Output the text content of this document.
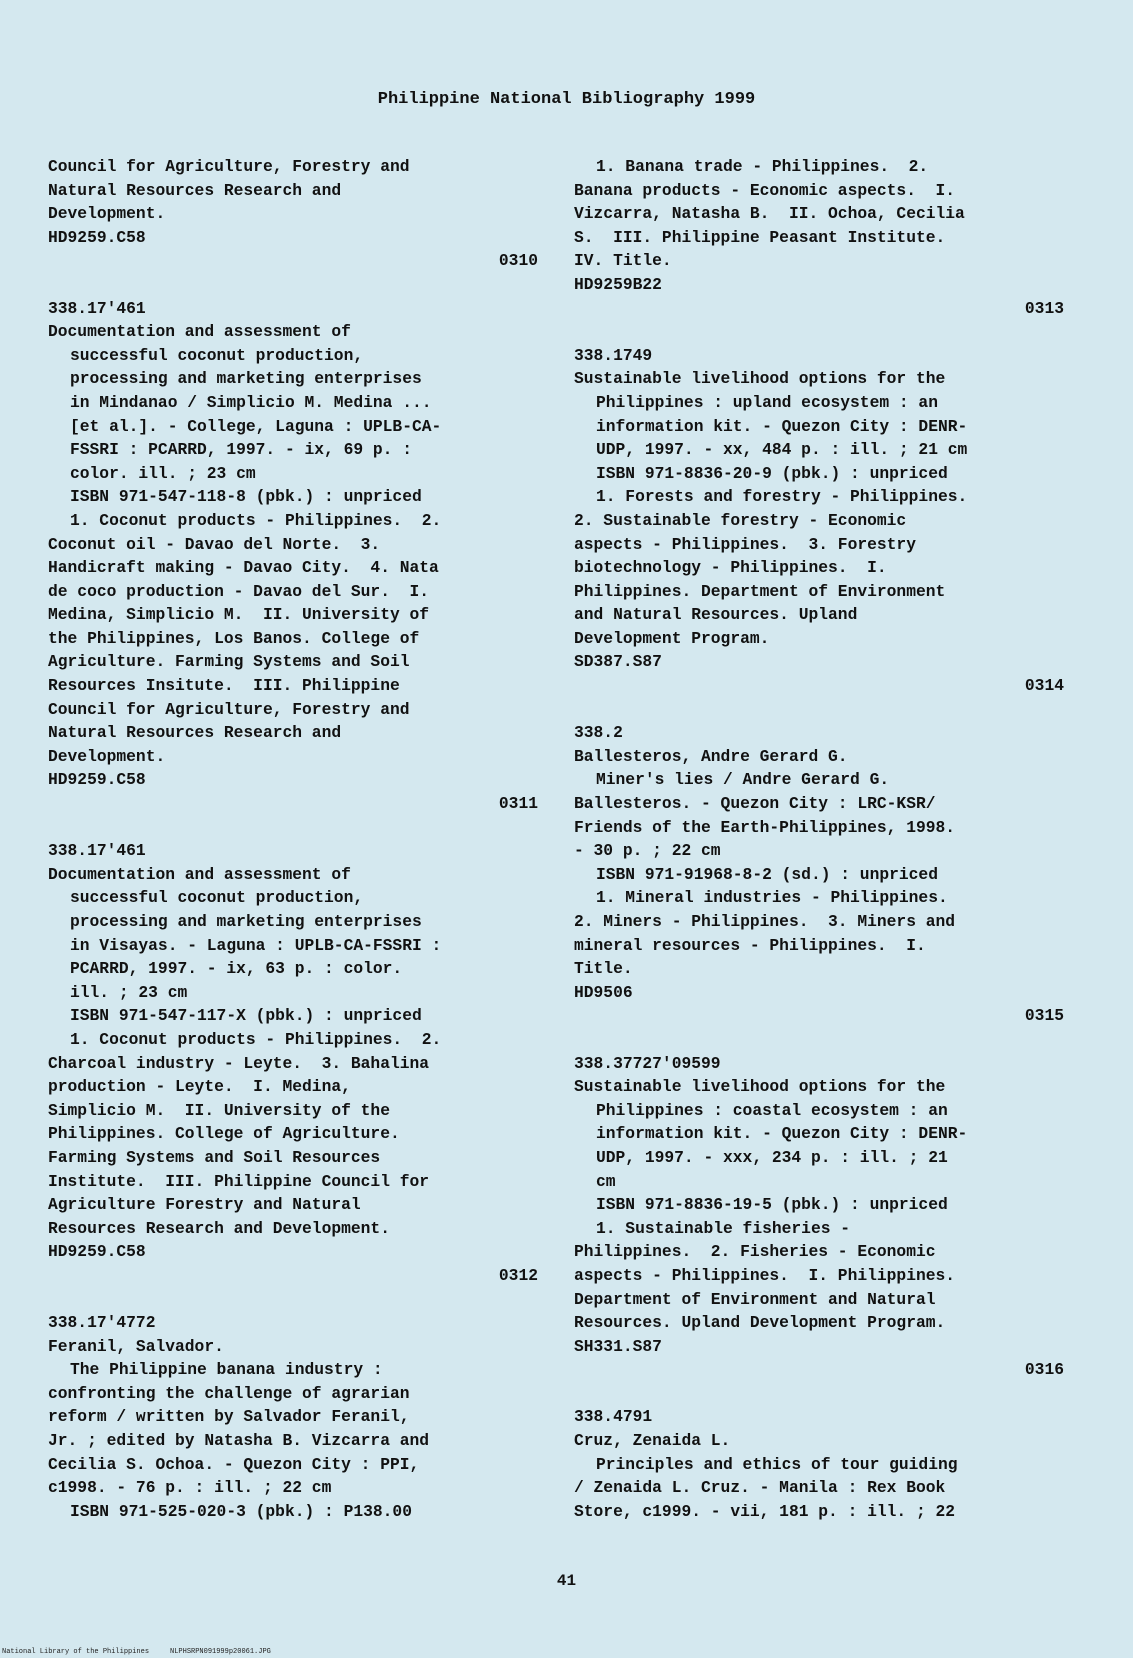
Philippine National Bibliography 1999
Council for Agriculture, Forestry and
Natural Resources Research and
Development.
HD9259.C58
0310
338.17'461
Documentation and assessment of
successful coconut production,
processing and marketing enterprises
in Mindanao / Simplicio M. Medina ...
[et al.]. - College, Laguna : UPLB-CA-
FSSRI : PCARRD, 1997. - ix, 69 p. :
color. ill. ; 23 cm
ISBN 971-547-118-8 (pbk.) : unpriced
1. Coconut products - Philippines.  2.
Coconut oil - Davao del Norte.  3.
Handicraft making - Davao City.  4. Nata
de coco production - Davao del Sur.  I.
Medina, Simplicio M.  II. University of
the Philippines, Los Banos. College of
Agriculture. Farming Systems and Soil
Resources Insitute.  III. Philippine
Council for Agriculture, Forestry and
Natural Resources Research and
Development.
HD9259.C58
0311
338.17'461
Documentation and assessment of
successful coconut production,
processing and marketing enterprises
in Visayas. - Laguna : UPLB-CA-FSSRI :
PCARRD, 1997. - ix, 63 p. : color.
ill. ; 23 cm
ISBN 971-547-117-X (pbk.) : unpriced
1. Coconut products - Philippines.  2.
Charcoal industry - Leyte.  3. Bahalina
production - Leyte.  I. Medina,
Simplicio M.  II. University of the
Philippines. College of Agriculture.
Farming Systems and Soil Resources
Institute.  III. Philippine Council for
Agriculture Forestry and Natural
Resources Research and Development.
HD9259.C58
0312
338.17'4772
Feranil, Salvador.
The Philippine banana industry :
confronting the challenge of agrarian
reform / written by Salvador Feranil,
Jr. ; edited by Natasha B. Vizcarra and
Cecilia S. Ochoa. - Quezon City : PPI,
c1998. - 76 p. : ill. ; 22 cm
ISBN 971-525-020-3 (pbk.) : P138.00
1. Banana trade - Philippines.  2.
Banana products - Economic aspects.  I.
Vizcarra, Natasha B.  II. Ochoa, Cecilia
S.  III. Philippine Peasant Institute.
IV. Title.
HD9259B22
0313
338.1749
Sustainable livelihood options for the
Philippines : upland ecosystem : an
information kit. - Quezon City : DENR-
UDP, 1997. - xx, 484 p. : ill. ; 21 cm
ISBN 971-8836-20-9 (pbk.) : unpriced
1. Forests and forestry - Philippines.
2. Sustainable forestry - Economic
aspects - Philippines.  3. Forestry
biotechnology - Philippines.  I.
Philippines. Department of Environment
and Natural Resources. Upland
Development Program.
SD387.S87
0314
338.2
Ballesteros, Andre Gerard G.
Miner's lies / Andre Gerard G.
Ballesteros. - Quezon City : LRC-KSR/
Friends of the Earth-Philippines, 1998.
- 30 p. ; 22 cm
ISBN 971-91968-8-2 (sd.) : unpriced
1. Mineral industries - Philippines.
2. Miners - Philippines.  3. Miners and
mineral resources - Philippines.  I.
Title.
HD9506
0315
338.37727'09599
Sustainable livelihood options for the
Philippines : coastal ecosystem : an
information kit. - Quezon City : DENR-
UDP, 1997. - xxx, 234 p. : ill. ; 21
cm
ISBN 971-8836-19-5 (pbk.) : unpriced
1. Sustainable fisheries -
Philippines.  2. Fisheries - Economic
aspects - Philippines.  I. Philippines.
Department of Environment and Natural
Resources. Upland Development Program.
SH331.S87
0316
338.4791
Cruz, Zenaida L.
Principles and ethics of tour guiding
/ Zenaida L. Cruz. - Manila : Rex Book
Store, c1999. - vii, 181 p. : ill. ; 22
41
National Library of the Philippines     NLPHSRPN091999p20061.JPG
